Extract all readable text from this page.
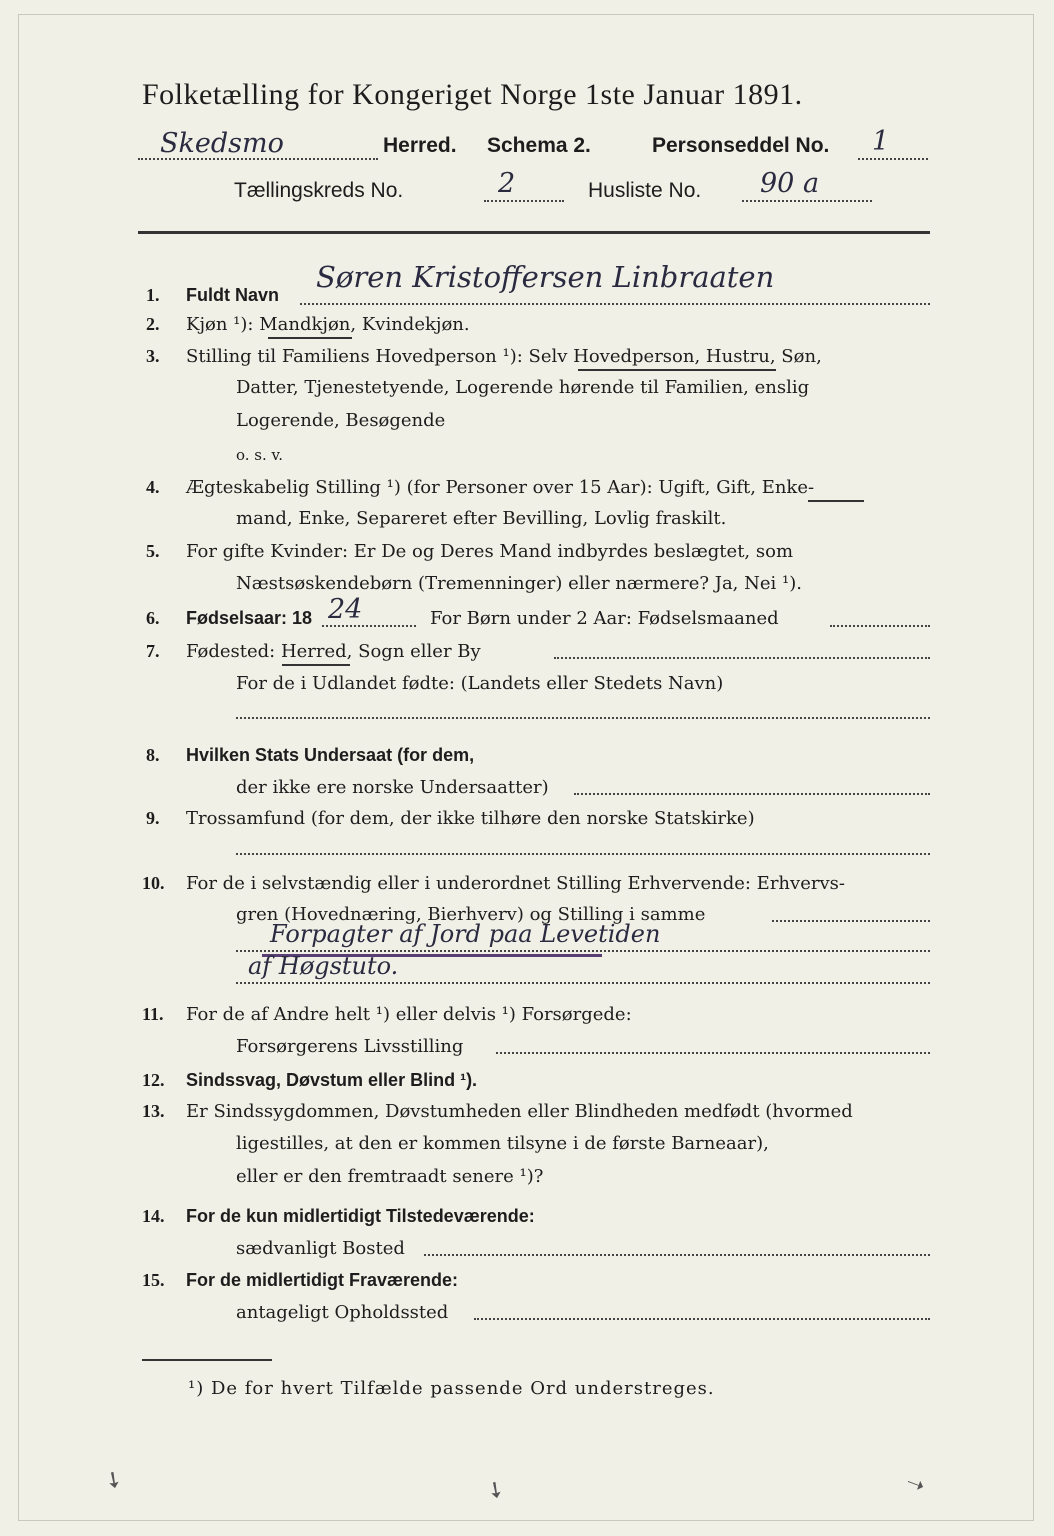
Folketælling for Kongeriget Norge 1ste Januar 1891.
Skedsmo	Herred. Schema 2.	Personseddel No. 1
Tællingskreds No.	2	Husliste No. 90 a
1. Fuldt Navn
Søren Kristoffersen Linbraaten
2. Kjøn ¹): Mandkjøn, Kvindekjøn.
3. Stilling til Familiens Hovedperson ¹): Selv Hovedperson, Hustru, Søn,
Datter, Tjenestetyende, Logerende hørende til Familien, enslig
Logerende, Besøgende
o. s. v.
4. Ægteskabelig Stilling ¹) (for Personer over 15 Aar): Ugift, Gift, Enke-
mand, Enke, Separeret efter Bevilling, Lovlig fraskilt.
5. For gifte Kvinder: Er De og Deres Mand indbyrdes beslægtet, som
Næstsøskendebørn (Tremenninger) eller nærmere? Ja, Nei ¹).
6. Fødselsaar: 18 24	For Børn under 2 Aar: Fødselsmaaned
7. Fødested: Herred, Sogn eller By
For de i Udlandet fødte: (Landets eller Stedets Navn)
8. Hvilken Stats Undersaat (for dem,
der ikke ere norske Undersaatter)
9. Trossamfund (for dem, der ikke tilhøre den norske Statskirke)
10. For de i selvstændig eller i underordnet Stilling Erhvervende: Erhvervs-
gren (Hovednæring, Bierhverv) og Stilling i samme
Forpagter af Jord paa Levetiden
af Høgstuto.
11. For de af Andre helt ¹) eller delvis ¹) Forsørgede:
Forsørgerens Livsstilling
12. Sindssvag, Døvstum eller Blind ¹).
13. Er Sindssygdommen, Døvstumheden eller Blindheden medfødt (hvormed
ligestilles, at den er kommen tilsyne i de første Barneaar),
eller er den fremtraadt senere ¹)?
14. For de kun midlertidigt Tilstedeværende:
sædvanligt Bosted
15. For de midlertidigt Fraværende:
antageligt Opholdssted
¹) De for hvert Tilfælde passende Ord understreges.
➘	➘	➝
